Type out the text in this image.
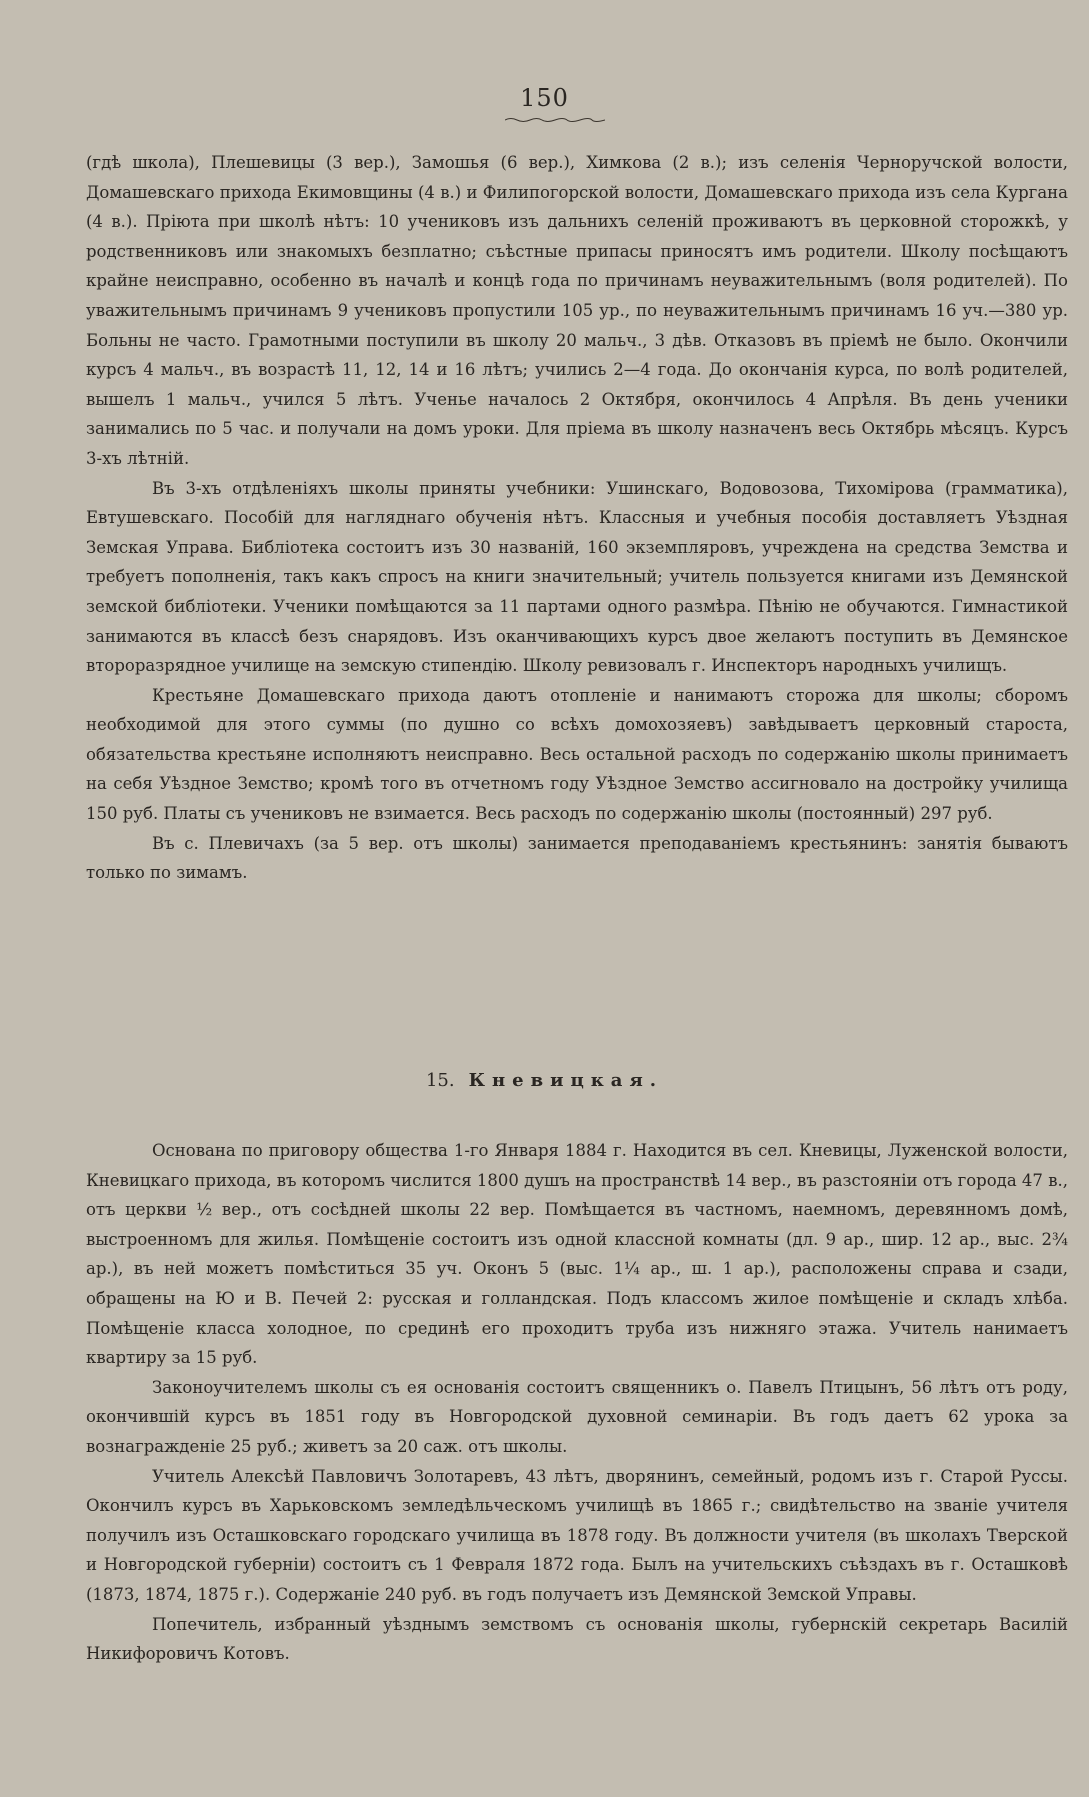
150

(гдѣ школа), Плешевицы (3 вер.), Замошья (6 вер.), Химкова (2 в.); изъ селенія Черноручской волости, Домашевскаго прихода Екимовщины (4 в.) и Филипогорской волости, Домашевскаго прихода изъ села Кургана (4 в.). Пріюта при школѣ нѣтъ: 10 учениковъ изъ дальнихъ селеній проживаютъ въ церковной сторожкѣ, у родственниковъ или знакомыхъ безплатно; съѣстные припасы приносятъ имъ родители. Школу посѣщаютъ крайне неисправно, особенно въ началѣ и концѣ года по причинамъ неуважительнымъ (воля родителей). По уважительнымъ причинамъ 9 учениковъ пропустили 105 ур., по неуважительнымъ причинамъ 16 уч.—380 ур. Больны не часто. Грамотными поступили въ школу 20 мальч., 3 дѣв. Отказовъ въ пріемѣ не было. Окончили курсъ 4 мальч., въ возрастѣ 11, 12, 14 и 16 лѣтъ; учились 2—4 года. До окончанія курса, по волѣ родителей, вышелъ 1 мальч., учился 5 лѣтъ. Ученье началось 2 Октября, окончилось 4 Апрѣля. Въ день ученики занимались по 5 час. и получали на домъ уроки. Для пріема въ школу назначенъ весь Октябрь мѣсяцъ. Курсъ 3-хъ лѣтній.

Въ 3-хъ отдѣленіяхъ школы приняты учебники: Ушинскаго, Водовозова, Тихомірова (грамматика), Евтушевскаго. Пособій для нагляднаго обученія нѣтъ. Классныя и учебныя пособія доставляетъ Уѣздная Земская Управа. Библіотека состоитъ изъ 30 названій, 160 экземпляровъ, учреждена на средства Земства и требуетъ пополненія, такъ какъ спросъ на книги значительный; учитель пользуется книгами изъ Демянской земской библіотеки. Ученики помѣщаются за 11 партами одного размѣра. Пѣнію не обучаются. Гимнастикой занимаются въ классѣ безъ снарядовъ. Изъ оканчивающихъ курсъ двое желаютъ поступить въ Демянское второразрядное училище на земскую стипендію. Школу ревизовалъ г. Инспекторъ народныхъ училищъ.

Крестьяне Домашевскаго прихода даютъ отопленіе и нанимаютъ сторожа для школы; сборомъ необходимой для этого суммы (по душно со всѣхъ домохозяевъ) завѣдываетъ церковный староста, обязательства крестьяне исполняютъ неисправно. Весь остальной расходъ по содержанію школы принимаетъ на себя Уѣздное Земство; кромѣ того въ отчетномъ году Уѣздное Земство ассигновало на достройку училища 150 руб. Платы съ учениковъ не взимается. Весь расходъ по содержанію школы (постоянный) 297 руб.

Въ с. Плевичахъ (за 5 вер. отъ школы) занимается преподаваніемъ крестьянинъ: занятія бываютъ только по зимамъ.

15. Кневицкая.

Основана по приговору общества 1-го Января 1884 г. Находится въ сел. Кневицы, Луженской волости, Кневицкаго прихода, въ которомъ числится 1800 душъ на пространствѣ 14 вер., въ разстояніи отъ города 47 в., отъ церкви ½ вер., отъ сосѣдней школы 22 вер. Помѣщается въ частномъ, наемномъ, деревянномъ домѣ, выстроенномъ для жилья. Помѣщеніе состоитъ изъ одной классной комнаты (дл. 9 ар., шир. 12 ар., выс. 2¾ ар.), въ ней можетъ помѣститься 35 уч. Оконъ 5 (выс. 1¼ ар., ш. 1 ар.), расположены справа и сзади, обращены на Ю и В. Печей 2: русская и голландская. Подъ классомъ жилое помѣщеніе и складъ хлѣба. Помѣщеніе класса холодное, по срединѣ его проходитъ труба изъ нижняго этажа. Учитель нанимаетъ квартиру за 15 руб.

Законоучителемъ школы съ ея основанія состоитъ священникъ о. Павелъ Птицынъ, 56 лѣтъ отъ роду, окончившій курсъ въ 1851 году въ Новгородской духовной семинаріи. Въ годъ даетъ 62 урока за вознагражденіе 25 руб.; живетъ за 20 саж. отъ школы.

Учитель Алексѣй Павловичъ Золотаревъ, 43 лѣтъ, дворянинъ, семейный, родомъ изъ г. Старой Руссы. Окончилъ курсъ въ Харьковскомъ земледѣльческомъ училищѣ въ 1865 г.; свидѣтельство на званіе учителя получилъ изъ Осташковскаго городскаго училища въ 1878 году. Въ должности учителя (въ школахъ Тверской и Новгородской губерніи) состоитъ съ 1 Февраля 1872 года. Былъ на учительскихъ съѣздахъ въ г. Осташковѣ (1873, 1874, 1875 г.). Содержаніе 240 руб. въ годъ получаетъ изъ Демянской Земской Управы.

Попечитель, избранный уѣзднымъ земствомъ съ основанія школы, губернскій секретарь Василій Никифоровичъ Котовъ.
